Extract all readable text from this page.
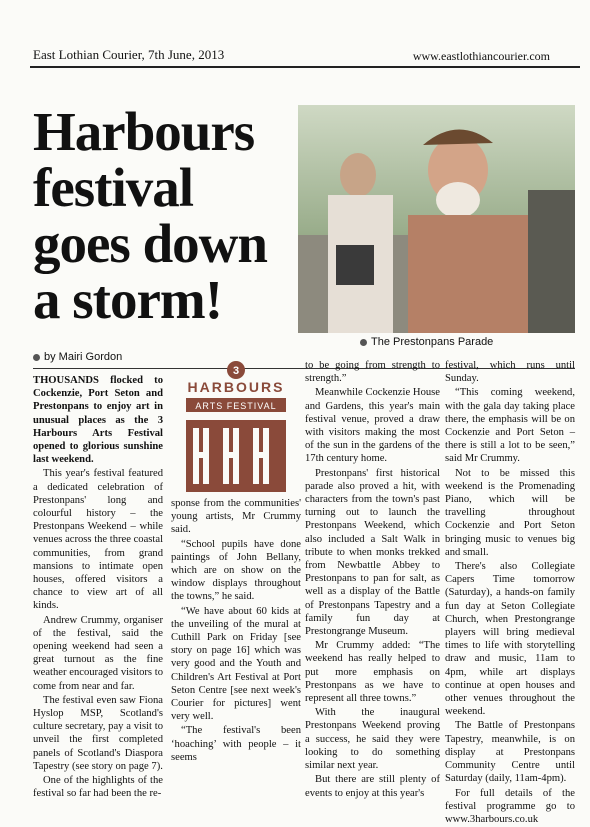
East Lothian Courier, 7th June, 2013	www.eastlothiancourier.com
Harbours festival goes down a storm!
The Prestonpans Parade
by Mairi Gordon
3
HARBOURS
ARTS FESTIVAL

THOUSANDS flocked to Cockenzie, Port Seton and Prestonpans to enjoy art in unusual places as the 3 Harbours Arts Festival opened to glorious sunshine last weekend.

This year's festival featured a dedicated celebration of Prestonpans' long and colourful history – the Prestonpans Weekend – while venues across the three coastal communities, from grand mansions to intimate open houses, offered visitors a chance to view art of all kinds.

Andrew Crummy, organiser of the festival, said the opening weekend had seen a great turnout as the fine weather encouraged visitors to come from near and far.

The festival even saw Fiona Hyslop MSP, Scotland's culture secretary, pay a visit to unveil the first completed panels of Scotland's Diaspora Tapestry (see story on page 7).

One of the highlights of the festival so far had been the re-

sponse from the communities' young artists, Mr Crummy said.

“School pupils have done paintings of John Bellany, which are on show on the window displays throughout the towns,” he said.

“We have about 60 kids at the unveiling of the mural at Cuthill Park on Friday [see story on page 16] which was very good and the Youth and Children's Art Festival at Port Seton Centre [see next week's Courier for pictures] went very well.

“The festival's been ‘hoaching’ with people – it seems

to be going from strength to strength.”

Meanwhile Cockenzie House and Gardens, this year's main festival venue, proved a draw with visitors making the most of the sun in the gardens of the 17th century home.

Prestonpans' first historical parade also proved a hit, with characters from the town's past turning out to launch the Prestonpans Weekend, which also included a Salt Walk in tribute to when monks trekked from Newbattle Abbey to Prestonpans to pan for salt, as well as a display of the Battle of Prestonpans Tapestry and a family fun day at Prestongrange Museum.

Mr Crummy added: “The weekend has really helped to put more emphasis on Prestonpans as we have to represent all three towns.”

With the inaugural Prestonpans Weekend proving a success, he said they were looking to do something similar next year.

But there are still plenty of events to enjoy at this year's

festival, which runs until Sunday.

“This coming weekend, with the gala day taking place there, the emphasis will be on Cockenzie and Port Seton – there is still a lot to be seen,” said Mr Crummy.

Not to be missed this weekend is the Promenading Piano, which will be travelling throughout Cockenzie and Port Seton bringing music to venues big and small.

There's also Collegiate Capers Time tomorrow (Saturday), a hands-on family fun day at Seton Collegiate Church, when Prestongrange players will bring medieval times to life with storytelling draw and music, 11am to 4pm, while art displays continue at open houses and other venues throughout the weekend.

The Battle of Prestonpans Tapestry, meanwhile, is on display at Prestonpans Community Centre until Saturday (daily, 11am-4pm).

For full details of the festival programme go to www.3harbours.co.uk
